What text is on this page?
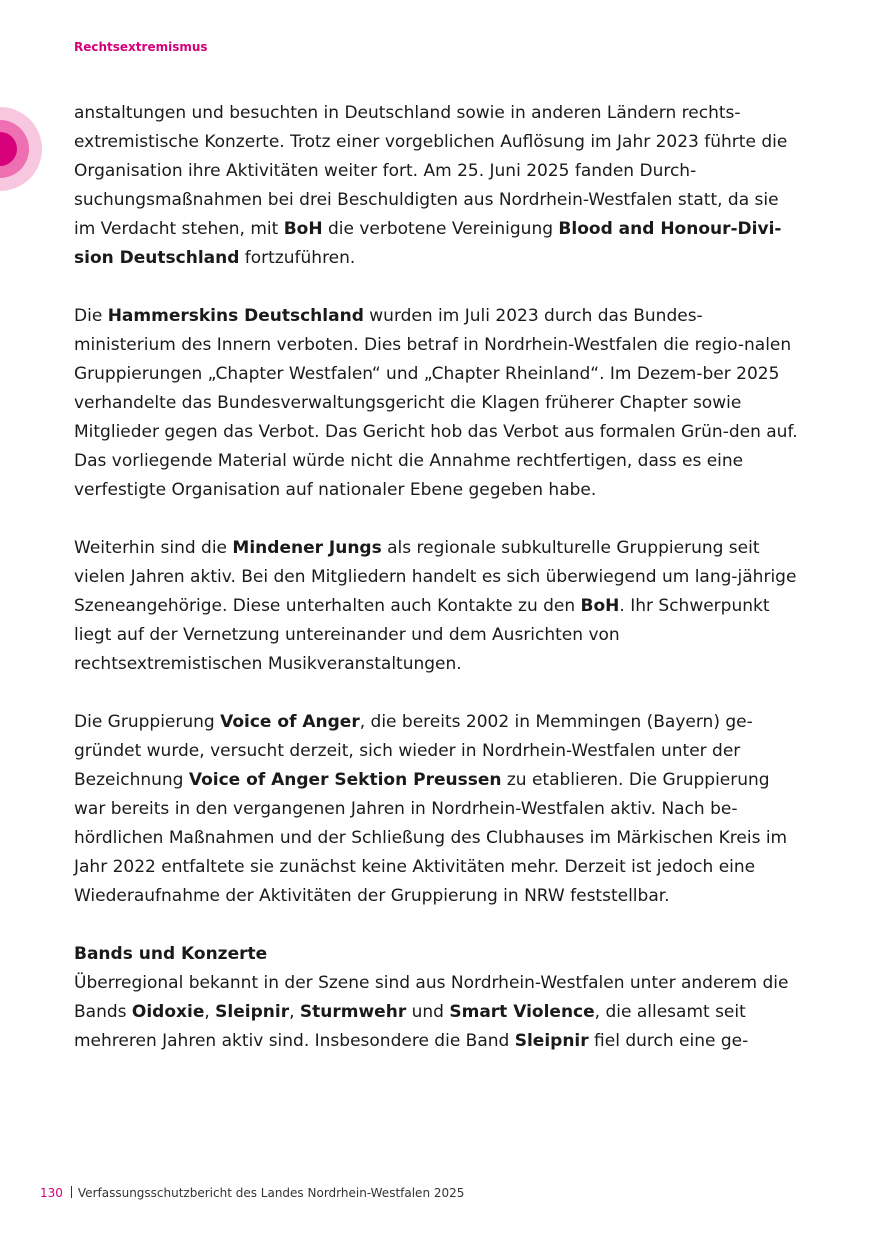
Rechtsextremismus

anstaltungen und besuchten in Deutschland sowie in anderen Ländern rechts-extremistische Konzerte. Trotz einer vorgeblichen Auflösung im Jahr 2023 führte die Organisation ihre Aktivitäten weiter fort. Am 25. Juni 2025 fanden Durch-suchungsmaßnahmen bei drei Beschuldigten aus Nordrhein-Westfalen statt, da sie im Verdacht stehen, mit BoH die verbotene Vereinigung Blood and Honour-Divi-sion Deutschland fortzuführen.

Die Hammerskins Deutschland wurden im Juli 2023 durch das Bundes-ministerium des Innern verboten. Dies betraf in Nordrhein-Westfalen die regio-nalen Gruppierungen „Chapter Westfalen“ und „Chapter Rheinland“. Im Dezem-ber 2025 verhandelte das Bundesverwaltungsgericht die Klagen früherer Chapter sowie Mitglieder gegen das Verbot. Das Gericht hob das Verbot aus formalen Grün-den auf. Das vorliegende Material würde nicht die Annahme rechtfertigen, dass es eine verfestigte Organisation auf nationaler Ebene gegeben habe.

Weiterhin sind die Mindener Jungs als regionale subkulturelle Gruppierung seit vielen Jahren aktiv. Bei den Mitgliedern handelt es sich überwiegend um lang-jährige Szeneangehörige. Diese unterhalten auch Kontakte zu den BoH. Ihr Schwerpunkt liegt auf der Vernetzung untereinander und dem Ausrichten von rechtsextremistischen Musikveranstaltungen.

Die Gruppierung Voice of Anger, die bereits 2002 in Memmingen (Bayern) ge-gründet wurde, versucht derzeit, sich wieder in Nordrhein-Westfalen unter der Bezeichnung Voice of Anger Sektion Preussen zu etablieren. Die Gruppierung war bereits in den vergangenen Jahren in Nordrhein-Westfalen aktiv. Nach be-hördlichen Maßnahmen und der Schließung des Clubhauses im Märkischen Kreis im Jahr 2022 entfaltete sie zunächst keine Aktivitäten mehr. Derzeit ist jedoch eine Wiederaufnahme der Aktivitäten der Gruppierung in NRW feststellbar.

Bands und Konzerte

Überregional bekannt in der Szene sind aus Nordrhein-Westfalen unter anderem die Bands Oidoxie, Sleipnir, Sturmwehr und Smart Violence, die allesamt seit mehreren Jahren aktiv sind. Insbesondere die Band Sleipnir fiel durch eine ge-

130 Verfassungsschutzbericht des Landes Nordrhein-Westfalen 2025
